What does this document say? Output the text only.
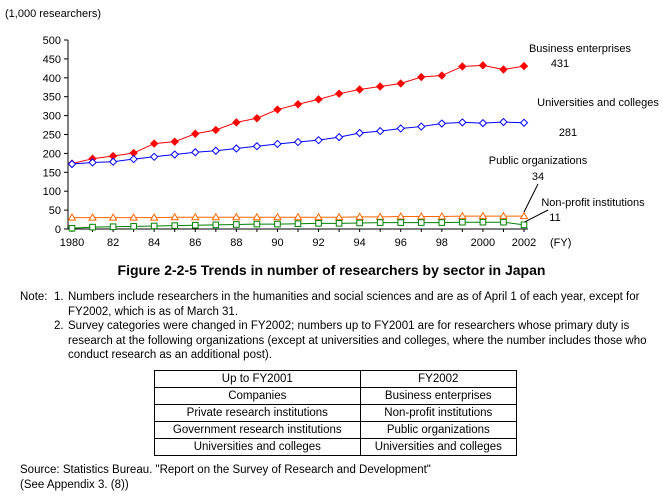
(1,000 researchers)
0
50
100
150
200
250
300
350
400
450
500
1980 82	84	86	88	90	92	94	96	98 2000 2002 (FY)
Business enterprises
431
Universities and colleges
281
Public organizations
34
Non-profit institutions
11
Figure 2-2-5 Trends in number of researchers by sector in Japan
Note: 1. Numbers include researchers in the humanities and social sciences and are as of April 1 of each year, except for FY2002, which is as of March 31.
2. Survey categories were changed in FY2002; numbers up to FY2001 are for researchers whose primary duty is research at the following organizations (except at universities and colleges, where the number includes those who conduct research as an additional post).
Up to FY2001	FY2002
Companies	Business enterprises
Private research institutions	Non-profit institutions
Government research institutions	Public organizations
Universities and colleges	Universities and colleges
Source: Statistics Bureau. "Report on the Survey of Research and Development"
(See Appendix 3. (8))
